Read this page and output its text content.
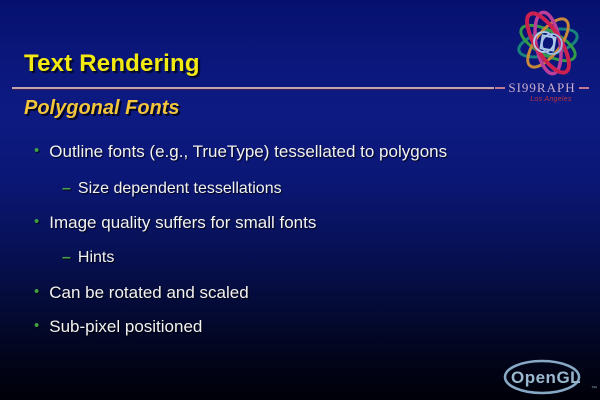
Text Rendering
Polygonal Fonts
• Outline fonts (e.g., TrueType) tessellated to polygons
– Size dependent tessellations
• Image quality suffers for small fonts
– Hints
• Can be rotated and scaled
• Sub-pixel positioned
SI99RAPH
Los Angeles
OpenGL
™
